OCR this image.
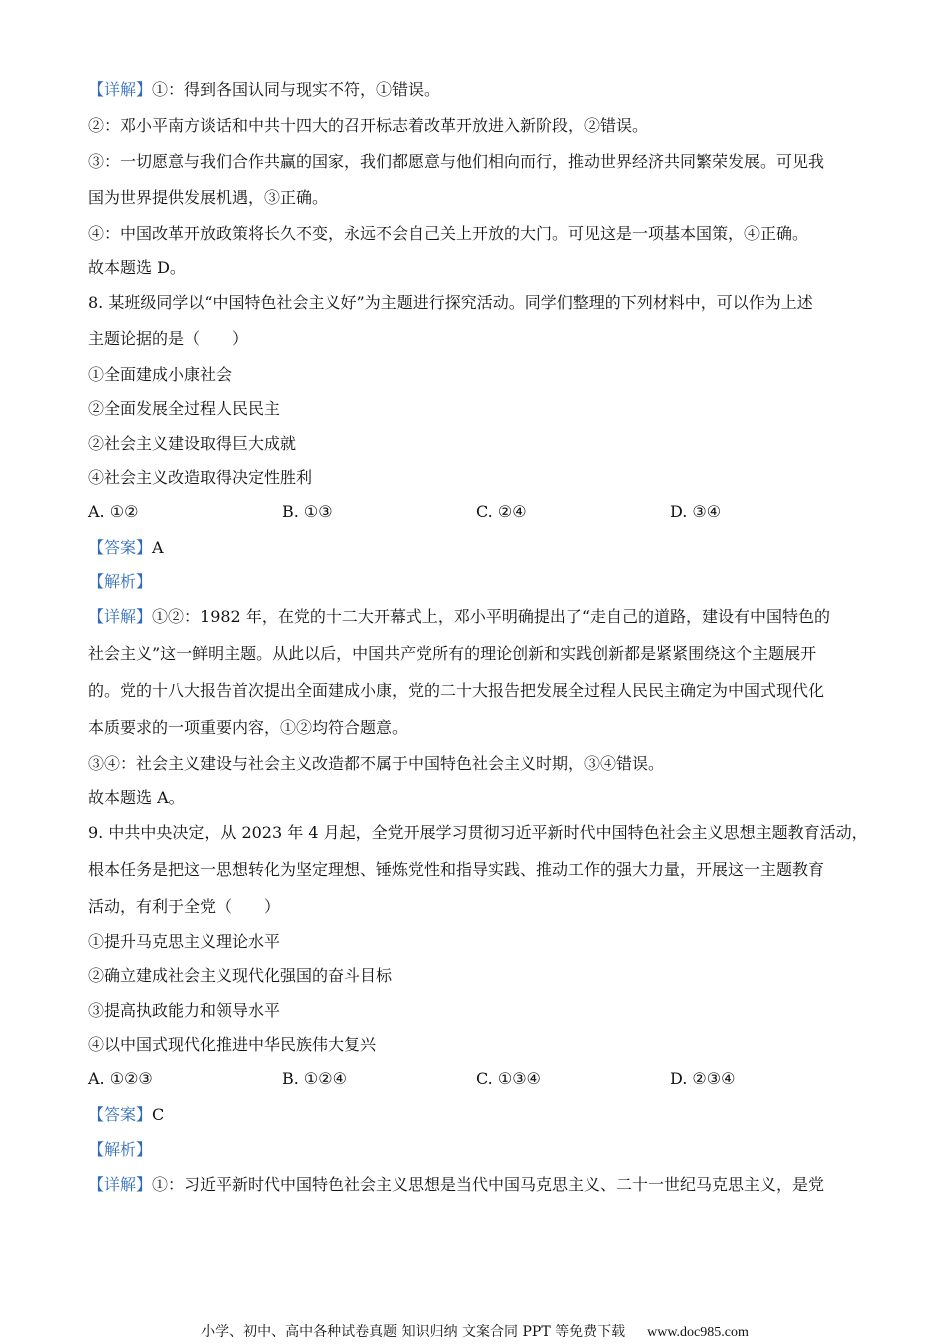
【详解】①：得到各国认同与现实不符，①错误。
②：邓小平南方谈话和中共十四大的召开标志着改革开放进入新阶段，②错误。
③：一切愿意与我们合作共赢的国家，我们都愿意与他们相向而行，推动世界经济共同繁荣发展。可见我
国为世界提供发展机遇，③正确。
④：中国改革开放政策将长久不变，永远不会自己关上开放的大门。可见这是一项基本国策，④正确。
故本题选 D。
8. 某班级同学以“中国特色社会主义好”为主题进行探究活动。同学们整理的下列材料中，可以作为上述
主题论据的是（　　）
①全面建成小康社会
②全面发展全过程人民民主
②社会主义建设取得巨大成就
④社会主义改造取得决定性胜利
A. ①②	B. ①③	C. ②④	D. ③④
【答案】A
【解析】
【详解】①②：1982 年，在党的十二大开幕式上，邓小平明确提出了“走自己的道路，建设有中国特色的
社会主义”这一鲜明主题。从此以后，中国共产党所有的理论创新和实践创新都是紧紧围绕这个主题展开
的。党的十八大报告首次提出全面建成小康，党的二十大报告把发展全过程人民民主确定为中国式现代化
本质要求的一项重要内容，①②均符合题意。
③④：社会主义建设与社会主义改造都不属于中国特色社会主义时期，③④错误。
故本题选 A。
9. 中共中央决定，从 2023 年 4 月起，全党开展学习贯彻习近平新时代中国特色社会主义思想主题教育活动，
根本任务是把这一思想转化为坚定理想、锤炼党性和指导实践、推动工作的强大力量，开展这一主题教育
活动，有利于全党（　　）
①提升马克思主义理论水平
②确立建成社会主义现代化强国的奋斗目标
③提高执政能力和领导水平
④以中国式现代化推进中华民族伟大复兴
A. ①②③	B. ①②④	C. ①③④	D. ②③④
【答案】C
【解析】
【详解】①：习近平新时代中国特色社会主义思想是当代中国马克思主义、二十一世纪马克思主义，是党
小学、初中、高中各种试卷真题 知识归纳 文案合同 PPT 等免费下载 www.doc985.com
